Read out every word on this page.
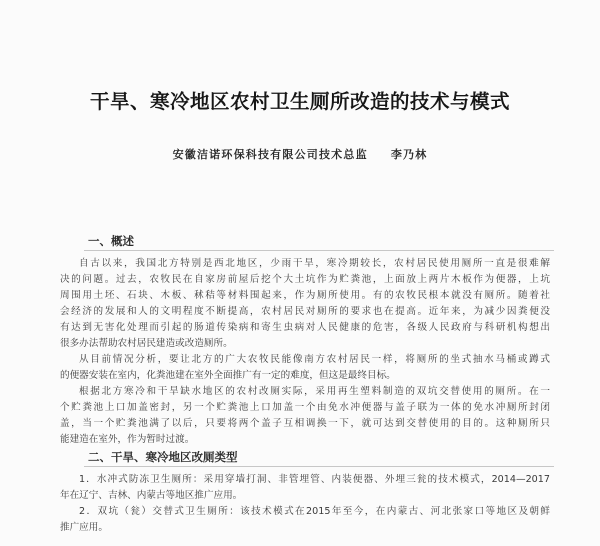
干旱、寒冷地区农村卫生厕所改造的技术与模式
安徽洁诺环保科技有限公司技术总监 李乃林
一、概述
自古以来，我国北方特别是西北地区，少雨干旱，寒冷期较长，农村居民使用厕所一直是很难解
决的问题。过去，农牧民在自家房前屋后挖个大土坑作为贮粪池，上面放上两片木板作为便器，上坑
周围用土坯、石块、木板、秫秸等材料围起来，作为厕所使用。有的农牧民根本就没有厕所。随着社
会经济的发展和人的文明程度不断提高，农村居民对厕所的要求也在提高。近年来，为减少因粪便没
有达到无害化处理而引起的肠道传染病和寄生虫病对人民健康的危害，各级人民政府与科研机构想出
很多办法帮助农村居民建造或改造厕所。
从目前情况分析，要让北方的广大农牧民能像南方农村居民一样，将厕所的坐式抽水马桶或蹲式
的便器安装在室内，化粪池建在室外全面推广有一定的难度，但这是最终目标。
根据北方寒冷和干旱缺水地区的农村改厕实际，采用再生塑料制造的双坑交替使用的厕所。在一
个贮粪池上口加盖密封，另一个贮粪池上口加盖一个由免水冲便器与盖子联为一体的免水冲厕所封闭
盖，当一个贮粪池满了以后，只要将两个盖子互相调换一下，就可达到交替使用的目的。这种厕所只
能建造在室外，作为暂时过渡。
二、干旱、寒冷地区改厕类型
1．水冲式防冻卫生厕所：采用穿墙打洞、非管埋管、内装便器、外埋三瓮的技术模式，2014—2017
年在辽宁、吉林、内蒙古等地区推广应用。
2．双坑（瓮）交替式卫生厕所：该技术模式在2015年至今，在内蒙古、河北张家口等地区及朝鲜
推广应用。
